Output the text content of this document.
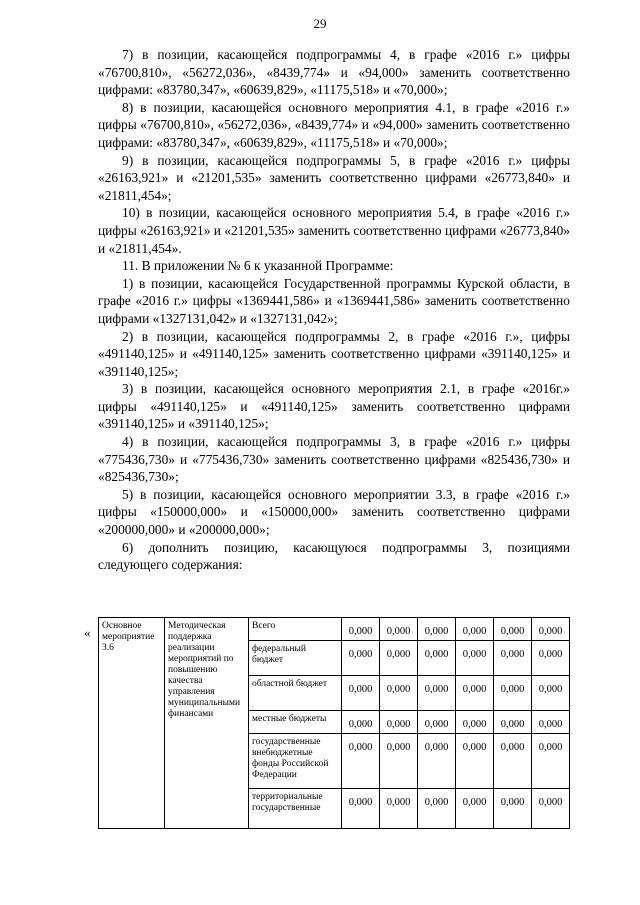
29

7) в позиции, касающейся подпрограммы 4, в графе «2016 г.» цифры «76700,810», «56272,036», «8439,774» и «94,000» заменить соответственно цифрами: «83780,347», «60639,829», «11175,518» и «70,000»;

8) в позиции, касающейся основного мероприятия 4.1, в графе «2016 г.» цифры «76700,810», «56272,036», «8439,774» и «94,000» заменить соответственно цифрами: «83780,347», «60639,829», «11175,518» и «70,000»;

9) в позиции, касающейся подпрограммы 5, в графе «2016 г.» цифры «26163,921» и «21201,535» заменить соответственно цифрами «26773,840» и «21811,454»;

10) в позиции, касающейся основного мероприятия 5.4, в графе «2016 г.» цифры «26163,921» и «21201,535» заменить соответственно цифрами «26773,840» и «21811,454».

11. В приложении № 6 к указанной Программе:

1) в позиции, касающейся Государственной программы Курской области, в графе «2016 г.» цифры «1369441,586» и «1369441,586» заменить соответственно цифрами «1327131,042» и «1327131,042»;

2) в позиции, касающейся подпрограммы 2, в графе «2016 г.», цифры «491140,125» и «491140,125» заменить соответственно цифрами «391140,125» и «391140,125»;

3) в позиции, касающейся основного мероприятия 2.1, в графе «2016г.» цифры «491140,125» и «491140,125» заменить соответственно цифрами «391140,125» и «391140,125»;

4) в позиции, касающейся подпрограммы 3, в графе «2016 г.» цифры «775436,730» и «775436,730» заменить соответственно цифрами «825436,730» и «825436,730»;

5) в позиции, касающейся основного мероприятии 3.3, в графе «2016 г.» цифры «150000,000» и «150000,000» заменить соответственно цифрами «200000,000» и «200000,000»;

6) дополнить позицию, касающуюся подпрограммы 3, позициями следующего содержания:

« Основное мероприятие 3.6	Методическая поддержка реализации мероприятий по повышению качества управления муниципальными финансами	Всего	0,000	0,000	0,000	0,000	0,000	0,000
		федеральный бюджет	0,000	0,000	0,000	0,000	0,000	0,000
		областной бюджет	0,000	0,000	0,000	0,000	0,000	0,000
		местные бюджеты	0,000	0,000	0,000	0,000	0,000	0,000
		государственные внебюджетные фонды Российской Федерации	0,000	0,000	0,000	0,000	0,000	0,000
		территориальные государственные	0,000	0,000	0,000	0,000	0,000	0,000
